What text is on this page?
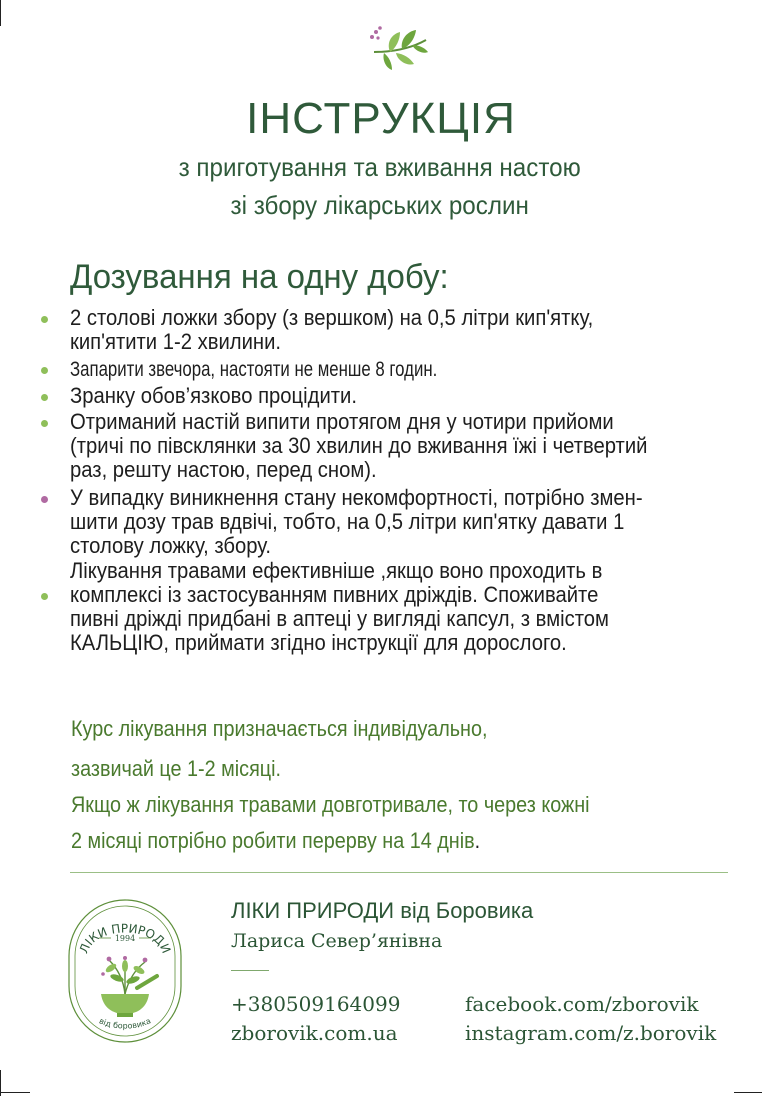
ІНСТРУКЦІЯ
з приготування та вживання настою
зі збору лікарських рослин
Дозування на одну добу:
2 столові ложки збору (з вершком) на 0,5 літри кип'ятку,
кип'ятити 1-2 хвилини.
Запарити звечора, настояти не менше 8 годин.
Зранку обов’язково процідити.
Отриманий настій випити протягом дня у чотири прийоми
(тричі по півсклянки за 30 хвилин до вживання їжі і четвертий
раз, решту настою, перед сном).
У випадку виникнення стану некомфортності, потрібно змен-
шити дозу трав вдвічі, тобто, на 0,5 літри кип'ятку давати 1
столову ложку, збору.
Лікування травами ефективніше ,якщо воно проходить в
комплексі із застосуванням пивних дріждів. Споживайте
пивні дріжді придбані в аптеці у вигляді капсул, з вмістом
КАЛЬЦІЮ, приймати згідно інструкції для дорослого.
Курс лікування призначається індивідуально,
зазвичай це 1-2 місяці.
Якщо ж лікування травами довготривале, то через кожні
2 місяці потрібно робити перерву на 14 днів.
ЛІКИ ПРИРОДИ
1994
від боровика
ЛІКИ ПРИРОДИ від Боровика
Лариса Север’янівна
+380509164099
zborovik.com.ua
facebook.com/zborovik
instagram.com/z.borovik
